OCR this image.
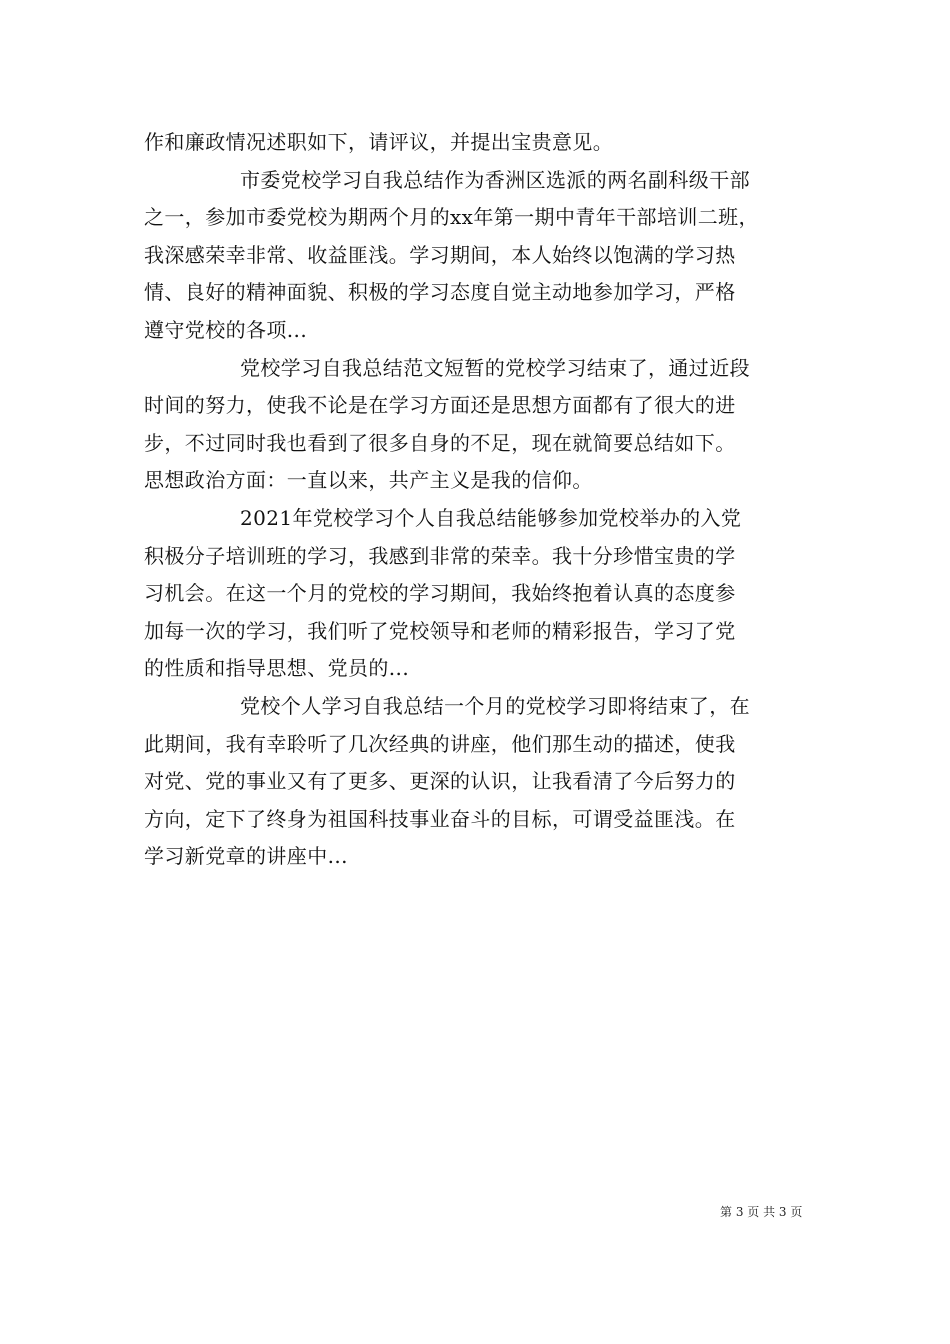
作和廉政情况述职如下，请评议，并提出宝贵意见。
市委党校学习自我总结作为香洲区选派的两名副科级干部
之一，参加市委党校为期两个月的xx年第一期中青年干部培训二班，
我深感荣幸非常、收益匪浅。学习期间，本人始终以饱满的学习热
情、良好的精神面貌、积极的学习态度自觉主动地参加学习，严格
遵守党校的各项...
党校学习自我总结范文短暂的党校学习结束了，通过近段
时间的努力，使我不论是在学习方面还是思想方面都有了很大的进
步，不过同时我也看到了很多自身的不足，现在就简要总结如下。
思想政治方面：一直以来，共产主义是我的信仰。
2021年党校学习个人自我总结能够参加党校举办的入党
积极分子培训班的学习，我感到非常的荣幸。我十分珍惜宝贵的学
习机会。在这一个月的党校的学习期间，我始终抱着认真的态度参
加每一次的学习，我们听了党校领导和老师的精彩报告，学习了党
的性质和指导思想、党员的...
党校个人学习自我总结一个月的党校学习即将结束了，在
此期间，我有幸聆听了几次经典的讲座，他们那生动的描述，使我
对党、党的事业又有了更多、更深的认识，让我看清了今后努力的
方向，定下了终身为祖国科技事业奋斗的目标，可谓受益匪浅。在
学习新党章的讲座中...
第 3 页 共 3 页
